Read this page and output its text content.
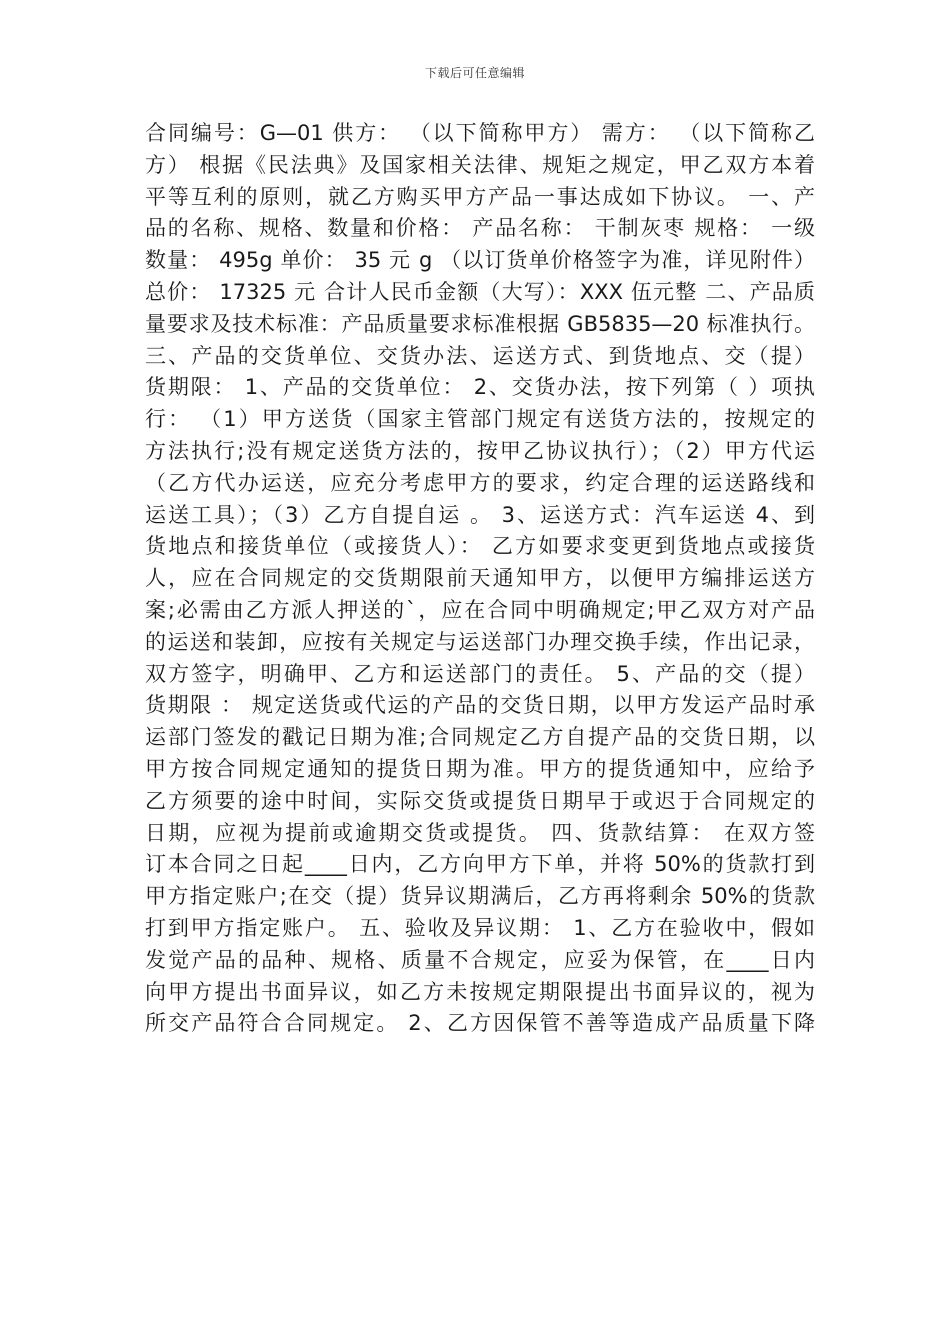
下载后可任意编辑
合同编号：G—01 供方： （以下简称甲方） 需方： （以下简称乙
方） 根据《民法典》及国家相关法律、规矩之规定，甲乙双方本着
平等互利的原则，就乙方购买甲方产品一事达成如下协议。 一、产
品的名称、规格、数量和价格： 产品名称： 干制灰枣 规格： 一级
数量： 495g 单价： 35 元 g （以订货单价格签字为准，详见附件）
总价： 17325 元 合计人民币金额（大写）：XXX 伍元整 二、产品质
量要求及技术标准：产品质量要求标准根据 GB5835—20 标准执行。
三、产品的交货单位、交货办法、运送方式、到货地点、交（提）
货期限： 1、产品的交货单位： 2、交货办法，按下列第（ ）项执
行： （1）甲方送货（国家主管部门规定有送货方法的，按规定的
方法执行;没有规定送货方法的，按甲乙协议执行）；（2）甲方代运
（乙方代办运送，应充分考虑甲方的要求，约定合理的运送路线和
运送工具）；（3）乙方自提自运 。 3、运送方式：汽车运送 4、到
货地点和接货单位（或接货人）： 乙方如要求变更到货地点或接货
人，应在合同规定的交货期限前天通知甲方，以便甲方编排运送方
案;必需由乙方派人押送的`，应在合同中明确规定;甲乙双方对产品
的运送和装卸，应按有关规定与运送部门办理交换手续，作出记录，
双方签字，明确甲、乙方和运送部门的责任。 5、产品的交（提）
货期限 ： 规定送货或代运的产品的交货日期，以甲方发运产品时承
运部门签发的戳记日期为准;合同规定乙方自提产品的交货日期，以
甲方按合同规定通知的提货日期为准。甲方的提货通知中，应给予
乙方须要的途中时间，实际交货或提货日期早于或迟于合同规定的
日期，应视为提前或逾期交货或提货。 四、货款结算： 在双方签
订本合同之日起____日内，乙方向甲方下单，并将 50%的货款打到
甲方指定账户;在交（提）货异议期满后，乙方再将剩余 50%的货款
打到甲方指定账户。 五、验收及异议期： 1、乙方在验收中，假如
发觉产品的品种、规格、质量不合规定，应妥为保管，在____日内
向甲方提出书面异议，如乙方未按规定期限提出书面异议的，视为
所交产品符合合同规定。 2、乙方因保管不善等造成产品质量下降
